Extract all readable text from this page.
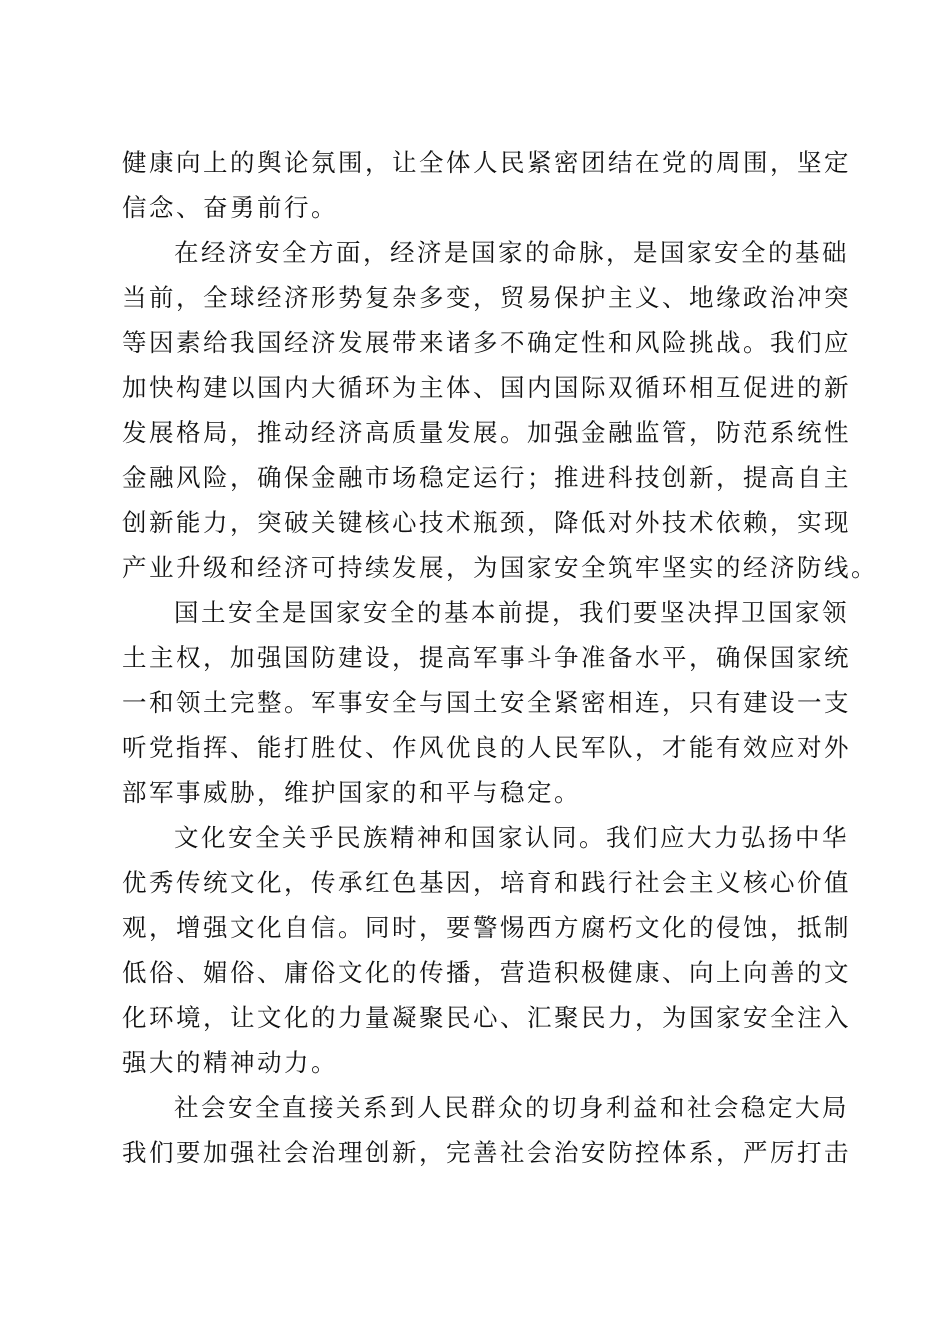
健康向上的舆论氛围，让全体人民紧密团结在党的周围，坚定
信念、奋勇前行。
在经济安全方面，经济是国家的命脉，是国家安全的基础
当前，全球经济形势复杂多变，贸易保护主义、地缘政治冲突
等因素给我国经济发展带来诸多不确定性和风险挑战。我们应
加快构建以国内大循环为主体、国内国际双循环相互促进的新
发展格局，推动经济高质量发展。加强金融监管，防范系统性
金融风险，确保金融市场稳定运行；推进科技创新，提高自主
创新能力，突破关键核心技术瓶颈，降低对外技术依赖，实现
产业升级和经济可持续发展，为国家安全筑牢坚实的经济防线。
国土安全是国家安全的基本前提，我们要坚决捍卫国家领
土主权，加强国防建设，提高军事斗争准备水平，确保国家统
一和领土完整。军事安全与国土安全紧密相连，只有建设一支
听党指挥、能打胜仗、作风优良的人民军队，才能有效应对外
部军事威胁，维护国家的和平与稳定。
文化安全关乎民族精神和国家认同。我们应大力弘扬中华
优秀传统文化，传承红色基因，培育和践行社会主义核心价值
观，增强文化自信。同时，要警惕西方腐朽文化的侵蚀，抵制
低俗、媚俗、庸俗文化的传播，营造积极健康、向上向善的文
化环境，让文化的力量凝聚民心、汇聚民力，为国家安全注入
强大的精神动力。
社会安全直接关系到人民群众的切身利益和社会稳定大局
我们要加强社会治理创新，完善社会治安防控体系，严厉打击
